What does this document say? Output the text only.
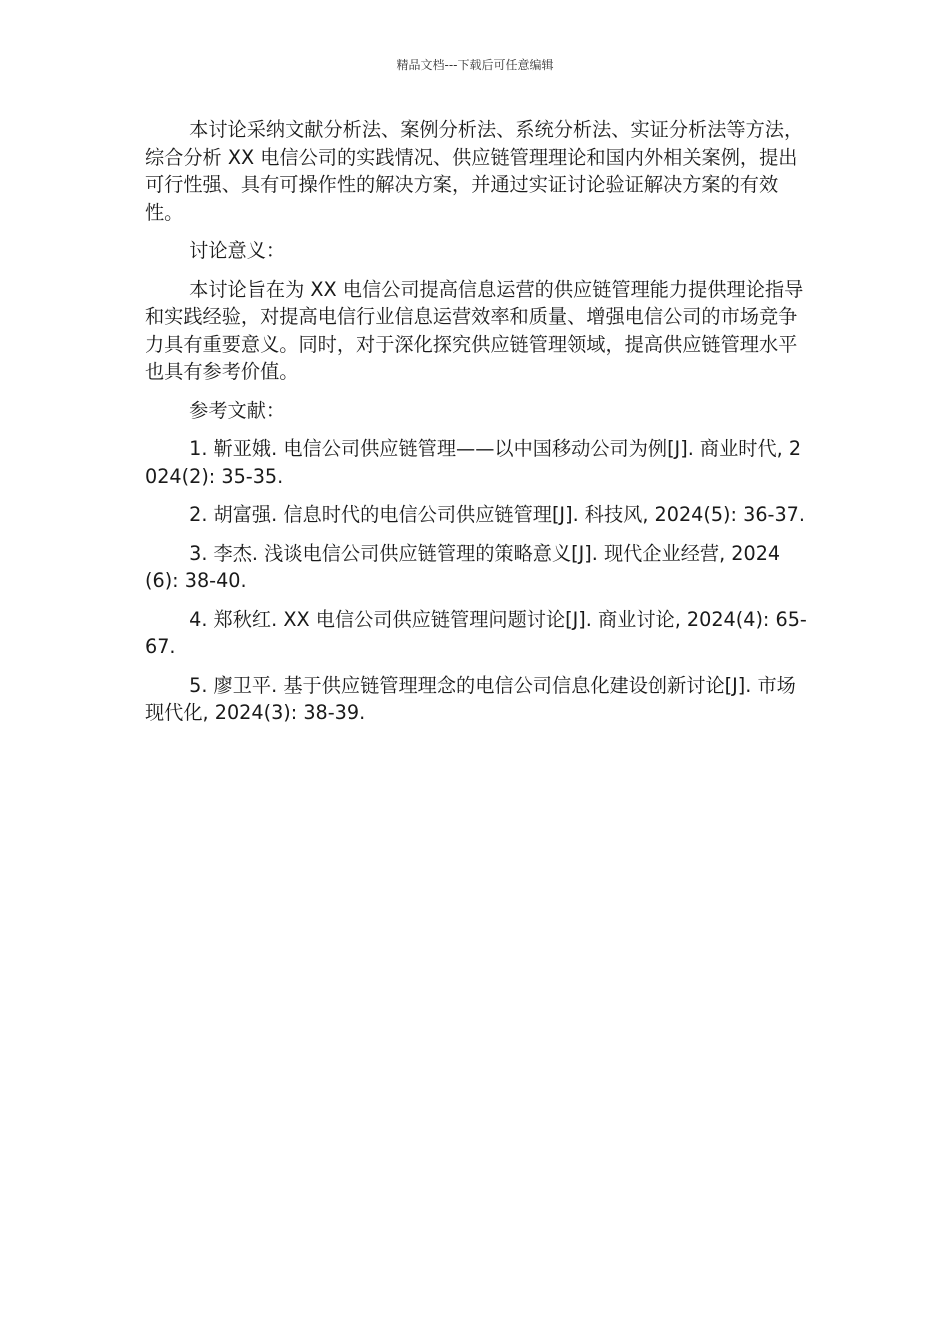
精品文档---下载后可任意编辑

本讨论采纳文献分析法、案例分析法、系统分析法、实证分析法等方法，综合分析 XX 电信公司的实践情况、供应链管理理论和国内外相关案例，提出可行性强、具有可操作性的解决方案，并通过实证讨论验证解决方案的有效性。

讨论意义：

本讨论旨在为 XX 电信公司提高信息运营的供应链管理能力提供理论指导和实践经验，对提高电信行业信息运营效率和质量、增强电信公司的市场竞争力具有重要意义。同时，对于深化探究供应链管理领域，提高供应链管理水平也具有参考价值。

参考文献：

1. 靳亚娥. 电信公司供应链管理——以中国移动公司为例[J]. 商业时代, 2024(2): 35-35.

2. 胡富强. 信息时代的电信公司供应链管理[J]. 科技风, 2024(5): 36-37.

3. 李杰. 浅谈电信公司供应链管理的策略意义[J]. 现代企业经营, 2024(6): 38-40.

4. 郑秋红. XX 电信公司供应链管理问题讨论[J]. 商业讨论, 2024(4): 65-67.

5. 廖卫平. 基于供应链管理理念的电信公司信息化建设创新讨论[J]. 市场现代化, 2024(3): 38-39.
